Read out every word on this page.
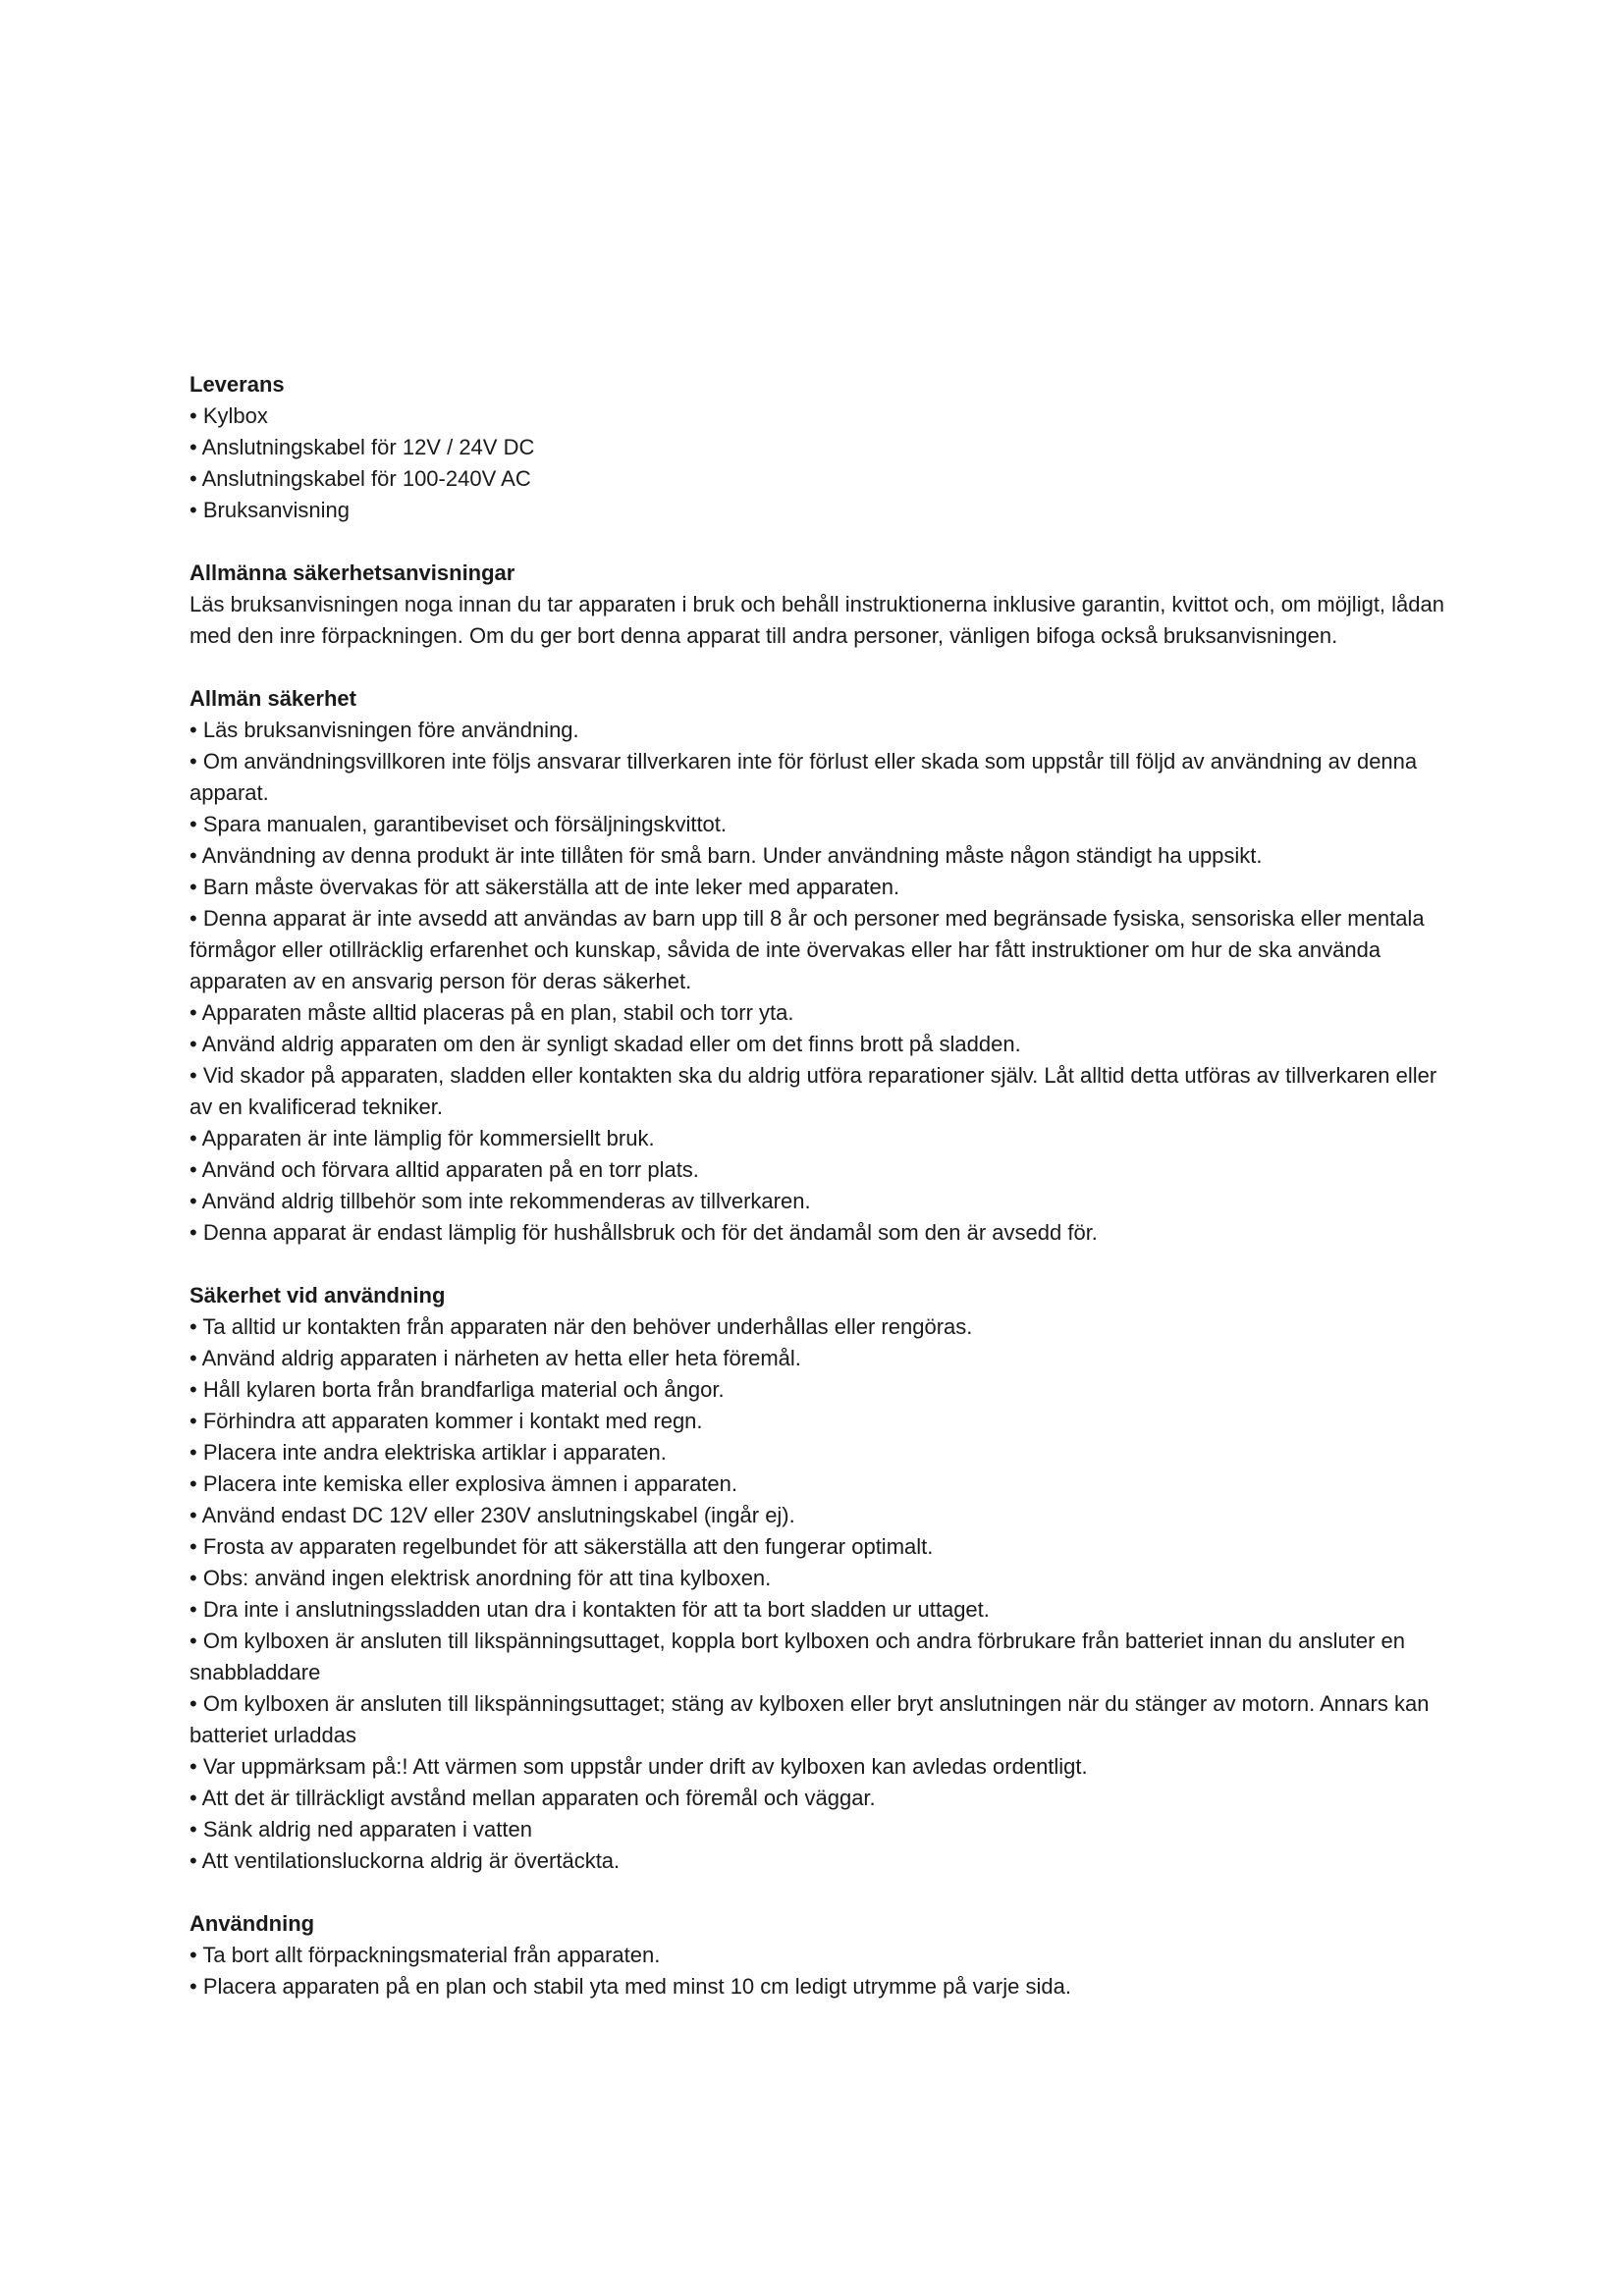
Leverans
• Kylbox
• Anslutningskabel för 12V / 24V DC
• Anslutningskabel för 100-240V AC
• Bruksanvisning
Allmänna säkerhetsanvisningar

Läs bruksanvisningen noga innan du tar apparaten i bruk och behåll instruktionerna inklusive garantin, kvittot och, om möjligt, lådan med den inre förpackningen. Om du ger bort denna apparat till andra personer, vänligen bifoga också bruksanvisningen.

Allmän säkerhet
• Läs bruksanvisningen före användning.
• Om användningsvillkoren inte följs ansvarar tillverkaren inte för förlust eller skada som uppstår till följd av användning av denna apparat.
• Spara manualen, garantibeviset och försäljningskvittot.
• Användning av denna produkt är inte tillåten för små barn. Under användning måste någon ständigt ha uppsikt.
• Barn måste övervakas för att säkerställa att de inte leker med apparaten.
• Denna apparat är inte avsedd att användas av barn upp till 8 år och personer med begränsade fysiska, sensoriska eller mentala förmågor eller otillräcklig erfarenhet och kunskap, såvida de inte övervakas eller har fått instruktioner om hur de ska använda apparaten av en ansvarig person för deras säkerhet.
• Apparaten måste alltid placeras på en plan, stabil och torr yta.
• Använd aldrig apparaten om den är synligt skadad eller om det finns brott på sladden.
• Vid skador på apparaten, sladden eller kontakten ska du aldrig utföra reparationer själv. Låt alltid detta utföras av tillverkaren eller av en kvalificerad tekniker.
• Apparaten är inte lämplig för kommersiellt bruk.
• Använd och förvara alltid apparaten på en torr plats.
• Använd aldrig tillbehör som inte rekommenderas av tillverkaren.
• Denna apparat är endast lämplig för hushållsbruk och för det ändamål som den är avsedd för.
Säkerhet vid användning
• Ta alltid ur kontakten från apparaten när den behöver underhållas eller rengöras.
• Använd aldrig apparaten i närheten av hetta eller heta föremål.
• Håll kylaren borta från brandfarliga material och ångor.
• Förhindra att apparaten kommer i kontakt med regn.
• Placera inte andra elektriska artiklar i apparaten.
• Placera inte kemiska eller explosiva ämnen i apparaten.
• Använd endast DC 12V eller 230V anslutningskabel (ingår ej).
• Frosta av apparaten regelbundet för att säkerställa att den fungerar optimalt.
• Obs: använd ingen elektrisk anordning för att tina kylboxen.
• Dra inte i anslutningssladden utan dra i kontakten för att ta bort sladden ur uttaget.
• Om kylboxen är ansluten till likspänningsuttaget, koppla bort kylboxen och andra förbrukare från batteriet innan du ansluter en snabbladdare
• Om kylboxen är ansluten till likspänningsuttaget; stäng av kylboxen eller bryt anslutningen när du stänger av motorn. Annars kan batteriet urladdas
• Var uppmärksam på:! Att värmen som uppstår under drift av kylboxen kan avledas ordentligt.
• Att det är tillräckligt avstånd mellan apparaten och föremål och väggar.
• Sänk aldrig ned apparaten i vatten
• Att ventilationsluckorna aldrig är övertäckta.
Användning
• Ta bort allt förpackningsmaterial från apparaten.
• Placera apparaten på en plan och stabil yta med minst 10 cm ledigt utrymme på varje sida.
